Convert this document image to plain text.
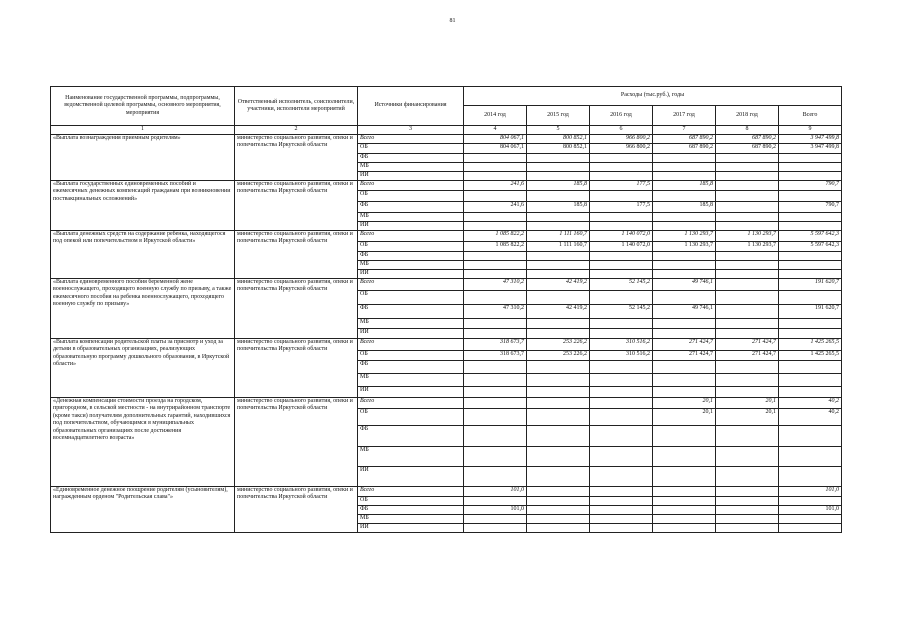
81
Наименование государственной программы, подпрограммы, ведомственной целевой программы, основного мероприятия, мероприятия	Ответственный исполнитель, соисполнители, участники, исполнители мероприятий	Источники финансирования	Расходы (тыс.руб.), годы					
			2014 год	2015 год	2016 год	2017 год	2018 год	Всего
1	2	3	4	5	6	7	8	9
«Выплата вознаграждения приемным родителям»	министерство социального развития, опеки и попечительства Иркутской области	Всего	804 067,1	800 852,1	966 800,2	687 890,2	687 890,2	3 947 499,8
		ОБ	804 067,1	800 852,1	966 800,2	687 890,2	687 890,2	3 947 499,8
		ФБ						
		МБ						
		ИИ						
«Выплата государственных единовременных пособий и ежемесячных денежных компенсаций гражданам при возникновении поствакцинальных осложнений»	министерство социального развития, опеки и попечительства Иркутской области	Всего	241,6	185,8	177,5	185,8		790,7
		ОБ						
		ФБ	241,6	185,8	177,5	185,8		790,7
		МБ						
		ИИ						
«Выплата денежных средств на содержание ребенка, находящегося под опекой или попечительством в Иркутской области»	министерство социального развития, опеки и попечительства Иркутской области	Всего	1 085 822,2	1 111 160,7	1 140 072,0	1 130 293,7	1 130 293,7	5 597 642,3
		ОБ	1 085 822,2	1 111 160,7	1 140 072,0	1 130 293,7	1 130 293,7	5 597 642,3
		ФБ						
		МБ						
		ИИ						
«Выплата единовременного пособия беременной жене военнослужащего, проходящего военную службу по призыву, а также ежемесячного пособия на ребенка военнослужащего, проходящего военную службу по призыву»	министерство социального развития, опеки и попечительства Иркутской области	Всего	47 310,2	42 419,2	52 145,2	49 746,1		191 620,7
		ОБ						
		ФБ	47 310,2	42 419,2	52 145,2	49 746,1		191 620,7
		МБ						
		ИИ						
«Выплата компенсации родительской платы за присмотр и уход за детьми в образовательных организациях, реализующих образовательную программу дошкольного образования, в Иркутской области»	министерство социального развития, опеки и попечительства Иркутской области	Всего	318 673,7	253 226,2	310 516,2	271 424,7	271 424,7	1 425 265,5
		ОБ	318 673,7	253 226,2	310 516,2	271 424,7	271 424,7	1 425 265,5
		ФБ						
		МБ						
		ИИ						
«Денежная компенсация стоимости проезда на городском, пригородном, в сельской местности - на внутрирайонном транспорте (кроме такси) получателям дополнительных гарантий, находившихся под попечительством, обучающимся в муниципальных образовательных организациях после достижения восемнадцатилетнего возраста»	министерство социального развития, опеки и попечительства Иркутской области	Всего				20,1	20,1	40,2
		ОБ				20,1	20,1	40,2
		ФБ						
		МБ						
		ИИ						
«Единовременное денежное поощрение родителям (усыновителям), награжденным орденом "Родительская слава"»	министерство социального развития, опеки и попечительства Иркутской области	Всего	101,0					101,0
		ОБ						
		ФБ	101,0					101,0
		МБ						
		ИИ						
